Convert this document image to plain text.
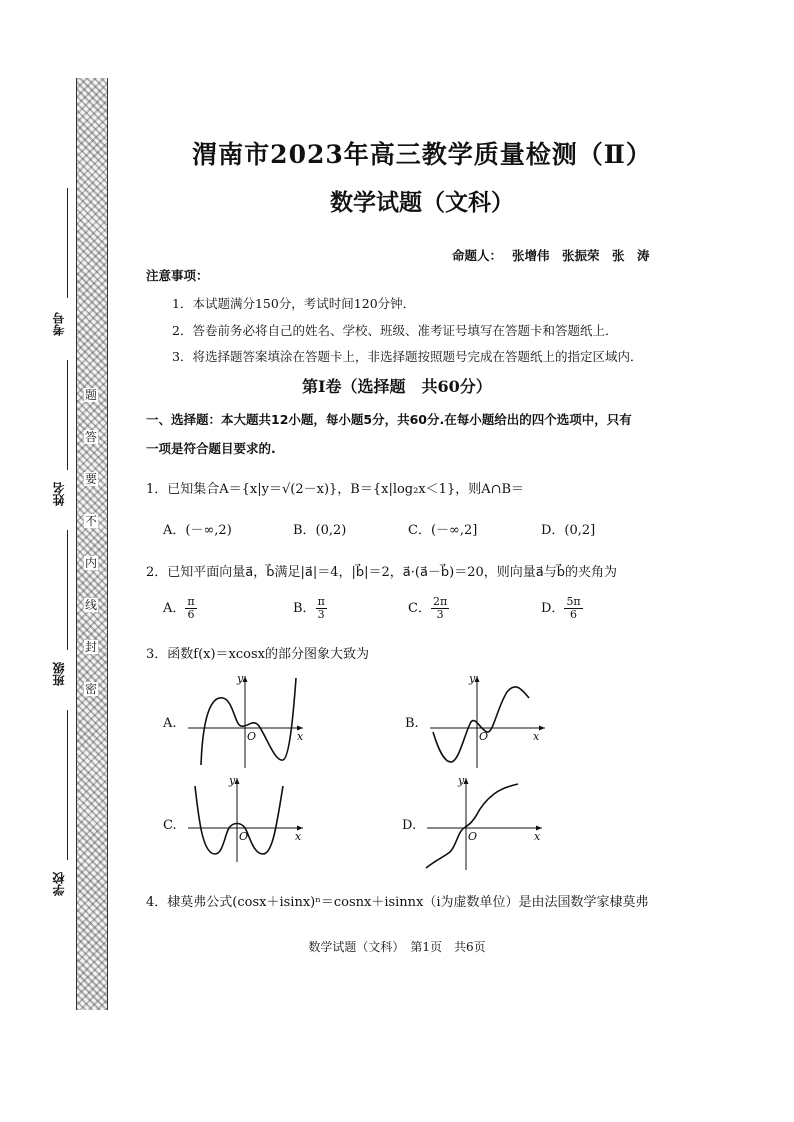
题
答
要
不
内
线
封
密
考号
姓名
班级
学校
渭南市2023年高三教学质量检测（Ⅱ）
数学试题（文科）
命题人： 张增伟　张振荣　张　涛
注意事项：
1．本试题满分150分，考试时间120分钟．
2．答卷前务必将自己的姓名、学校、班级、准考证号填写在答题卡和答题纸上．
3．将选择题答案填涂在答题卡上，非选择题按照题号完成在答题纸上的指定区域内．
第Ⅰ卷（选择题　共60分）
一、选择题：本大题共12小题，每小题5分，共60分.在每小题给出的四个选项中，只有
一项是符合题目要求的.
1．已知集合A＝{x|y＝√(2－x)}，B＝{x|log₂x＜1}，则A∩B＝
A．(－∞,2)	B．(0,2)	C．(－∞,2]	D．(0,2]
2．已知平面向量a⃗，b⃗满足|a⃗|＝4，|b⃗|＝2，a⃗·(a⃗－b⃗)＝20，则向量a⃗与b⃗的夹角为
A． $\frac{\pi}{6}$	B． $\frac{\pi}{3}$	C． $\frac{2\pi}{3}$	D． $\frac{5\pi}{6}$
3．函数f(x)＝xcosx的部分图象大致为
A.
y
x
O
B.
y
x
O
C.
y
x
O
D.
y
x
O
4．棣莫弗公式(cosx＋isinx)ⁿ＝cosnx＋isinnx（i为虚数单位）是由法国数学家棣莫弗
数学试题（文科）　第1页　共6页
